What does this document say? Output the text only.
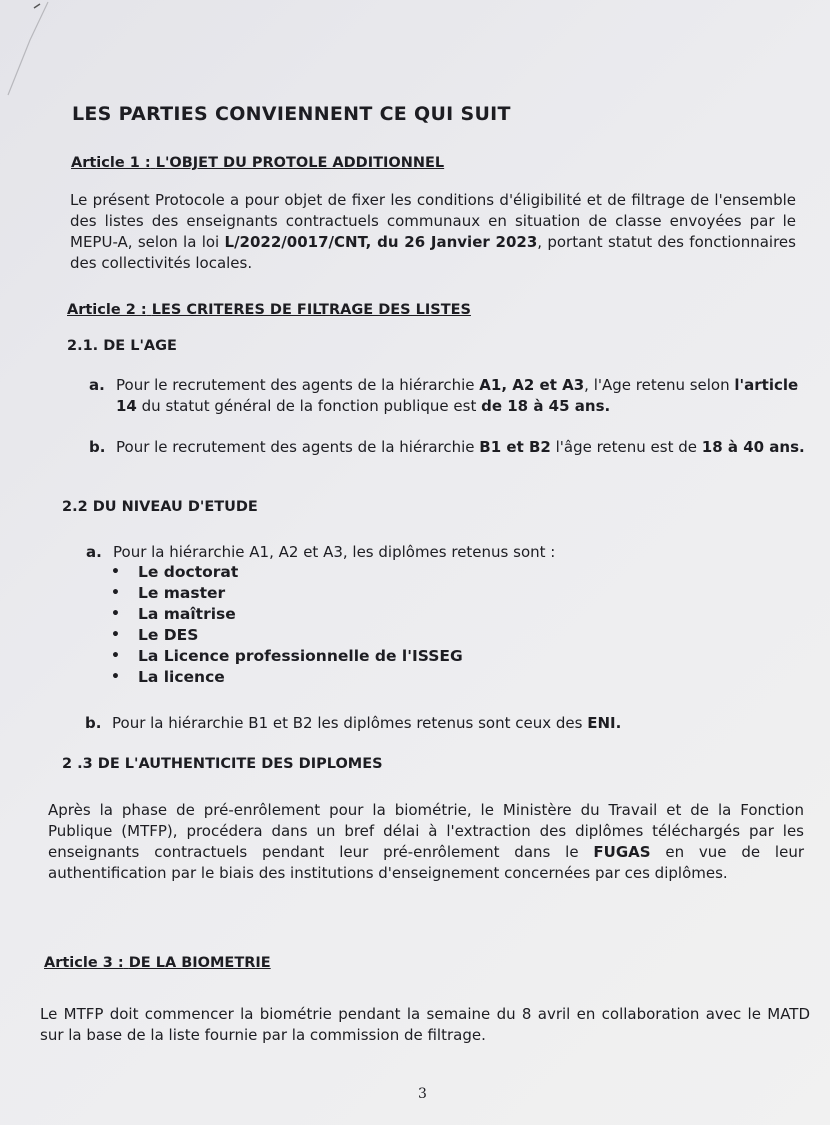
LES PARTIES CONVIENNENT CE QUI SUIT
Article 1 : L'OBJET DU PROTOLE ADDITIONNEL
Le présent Protocole a pour objet de fixer les conditions d'éligibilité et de filtrage de l'ensemble des listes des enseignants contractuels communaux en situation de classe envoyées par le MEPU-A, selon la loi L/2022/0017/CNT, du 26 Janvier 2023, portant statut des fonctionnaires des collectivités locales.
Article 2 : LES CRITERES DE FILTRAGE DES LISTES
2.1. DE L'AGE
a. Pour le recrutement des agents de la hiérarchie A1, A2 et A3, l'Age retenu selon l'article 14 du statut général de la fonction publique est de 18 à 45 ans.
b. Pour le recrutement des agents de la hiérarchie B1 et B2 l'âge retenu est de 18 à 40 ans.
2.2 DU NIVEAU D'ETUDE
a. Pour la hiérarchie A1, A2 et A3, les diplômes retenus sont :
• Le doctorat
• Le master
• La maîtrise
• Le DES
• La Licence professionnelle de l'ISSEG
• La licence
b. Pour la hiérarchie B1 et B2 les diplômes retenus sont ceux des ENI.
2 .3 DE L'AUTHENTICITE DES DIPLOMES
Après la phase de pré-enrôlement pour la biométrie, le Ministère du Travail et de la Fonction Publique (MTFP), procédera dans un bref délai à l'extraction des diplômes téléchargés par les enseignants contractuels pendant leur pré-enrôlement dans le FUGAS en vue de leur authentification par le biais des institutions d'enseignement concernées par ces diplômes.
Article 3 : DE LA BIOMETRIE
Le MTFP doit commencer la biométrie pendant la semaine du 8 avril en collaboration avec le MATD sur la base de la liste fournie par la commission de filtrage.
3
